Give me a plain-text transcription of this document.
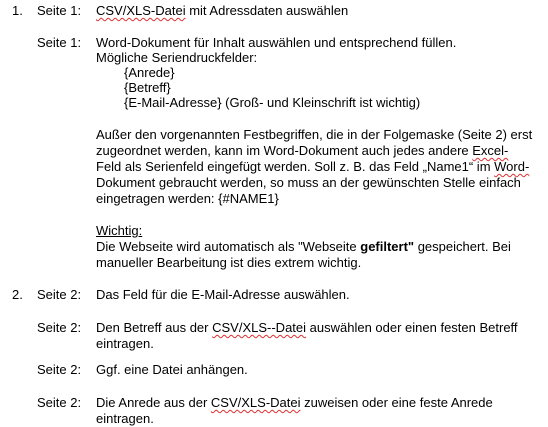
1. Seite 1: CSV/XLS-Datei mit Adressdaten auswählen
Seite 1: Word-Dokument für Inhalt auswählen und entsprechend füllen.
Mögliche Seriendruckfelder:
{Anrede}
{Betreff}
{E-Mail-Adresse} (Groß- und Kleinschrift ist wichtig)
Außer den vorgenannten Festbegriffen, die in der Folgemaske (Seite 2) erst
zugeordnet werden, kann im Word-Dokument auch jedes andere Excel-
Feld als Serienfeld eingefügt werden. Soll z. B. das Feld „Name1“ im Word-
Dokument gebraucht werden, so muss an der gewünschten Stelle einfach
eingetragen werden: {#NAME1}
Wichtig:
Die Webseite wird automatisch als "Webseite gefiltert" gespeichert. Bei
manueller Bearbeitung ist dies extrem wichtig.
2. Seite 2: Das Feld für die E-Mail-Adresse auswählen.
Seite 2: Den Betreff aus der CSV/XLS--Datei auswählen oder einen festen Betreff
eintragen.
Seite 2: Ggf. eine Datei anhängen.
Seite 2: Die Anrede aus der CSV/XLS-Datei zuweisen oder eine feste Anrede
eintragen.
